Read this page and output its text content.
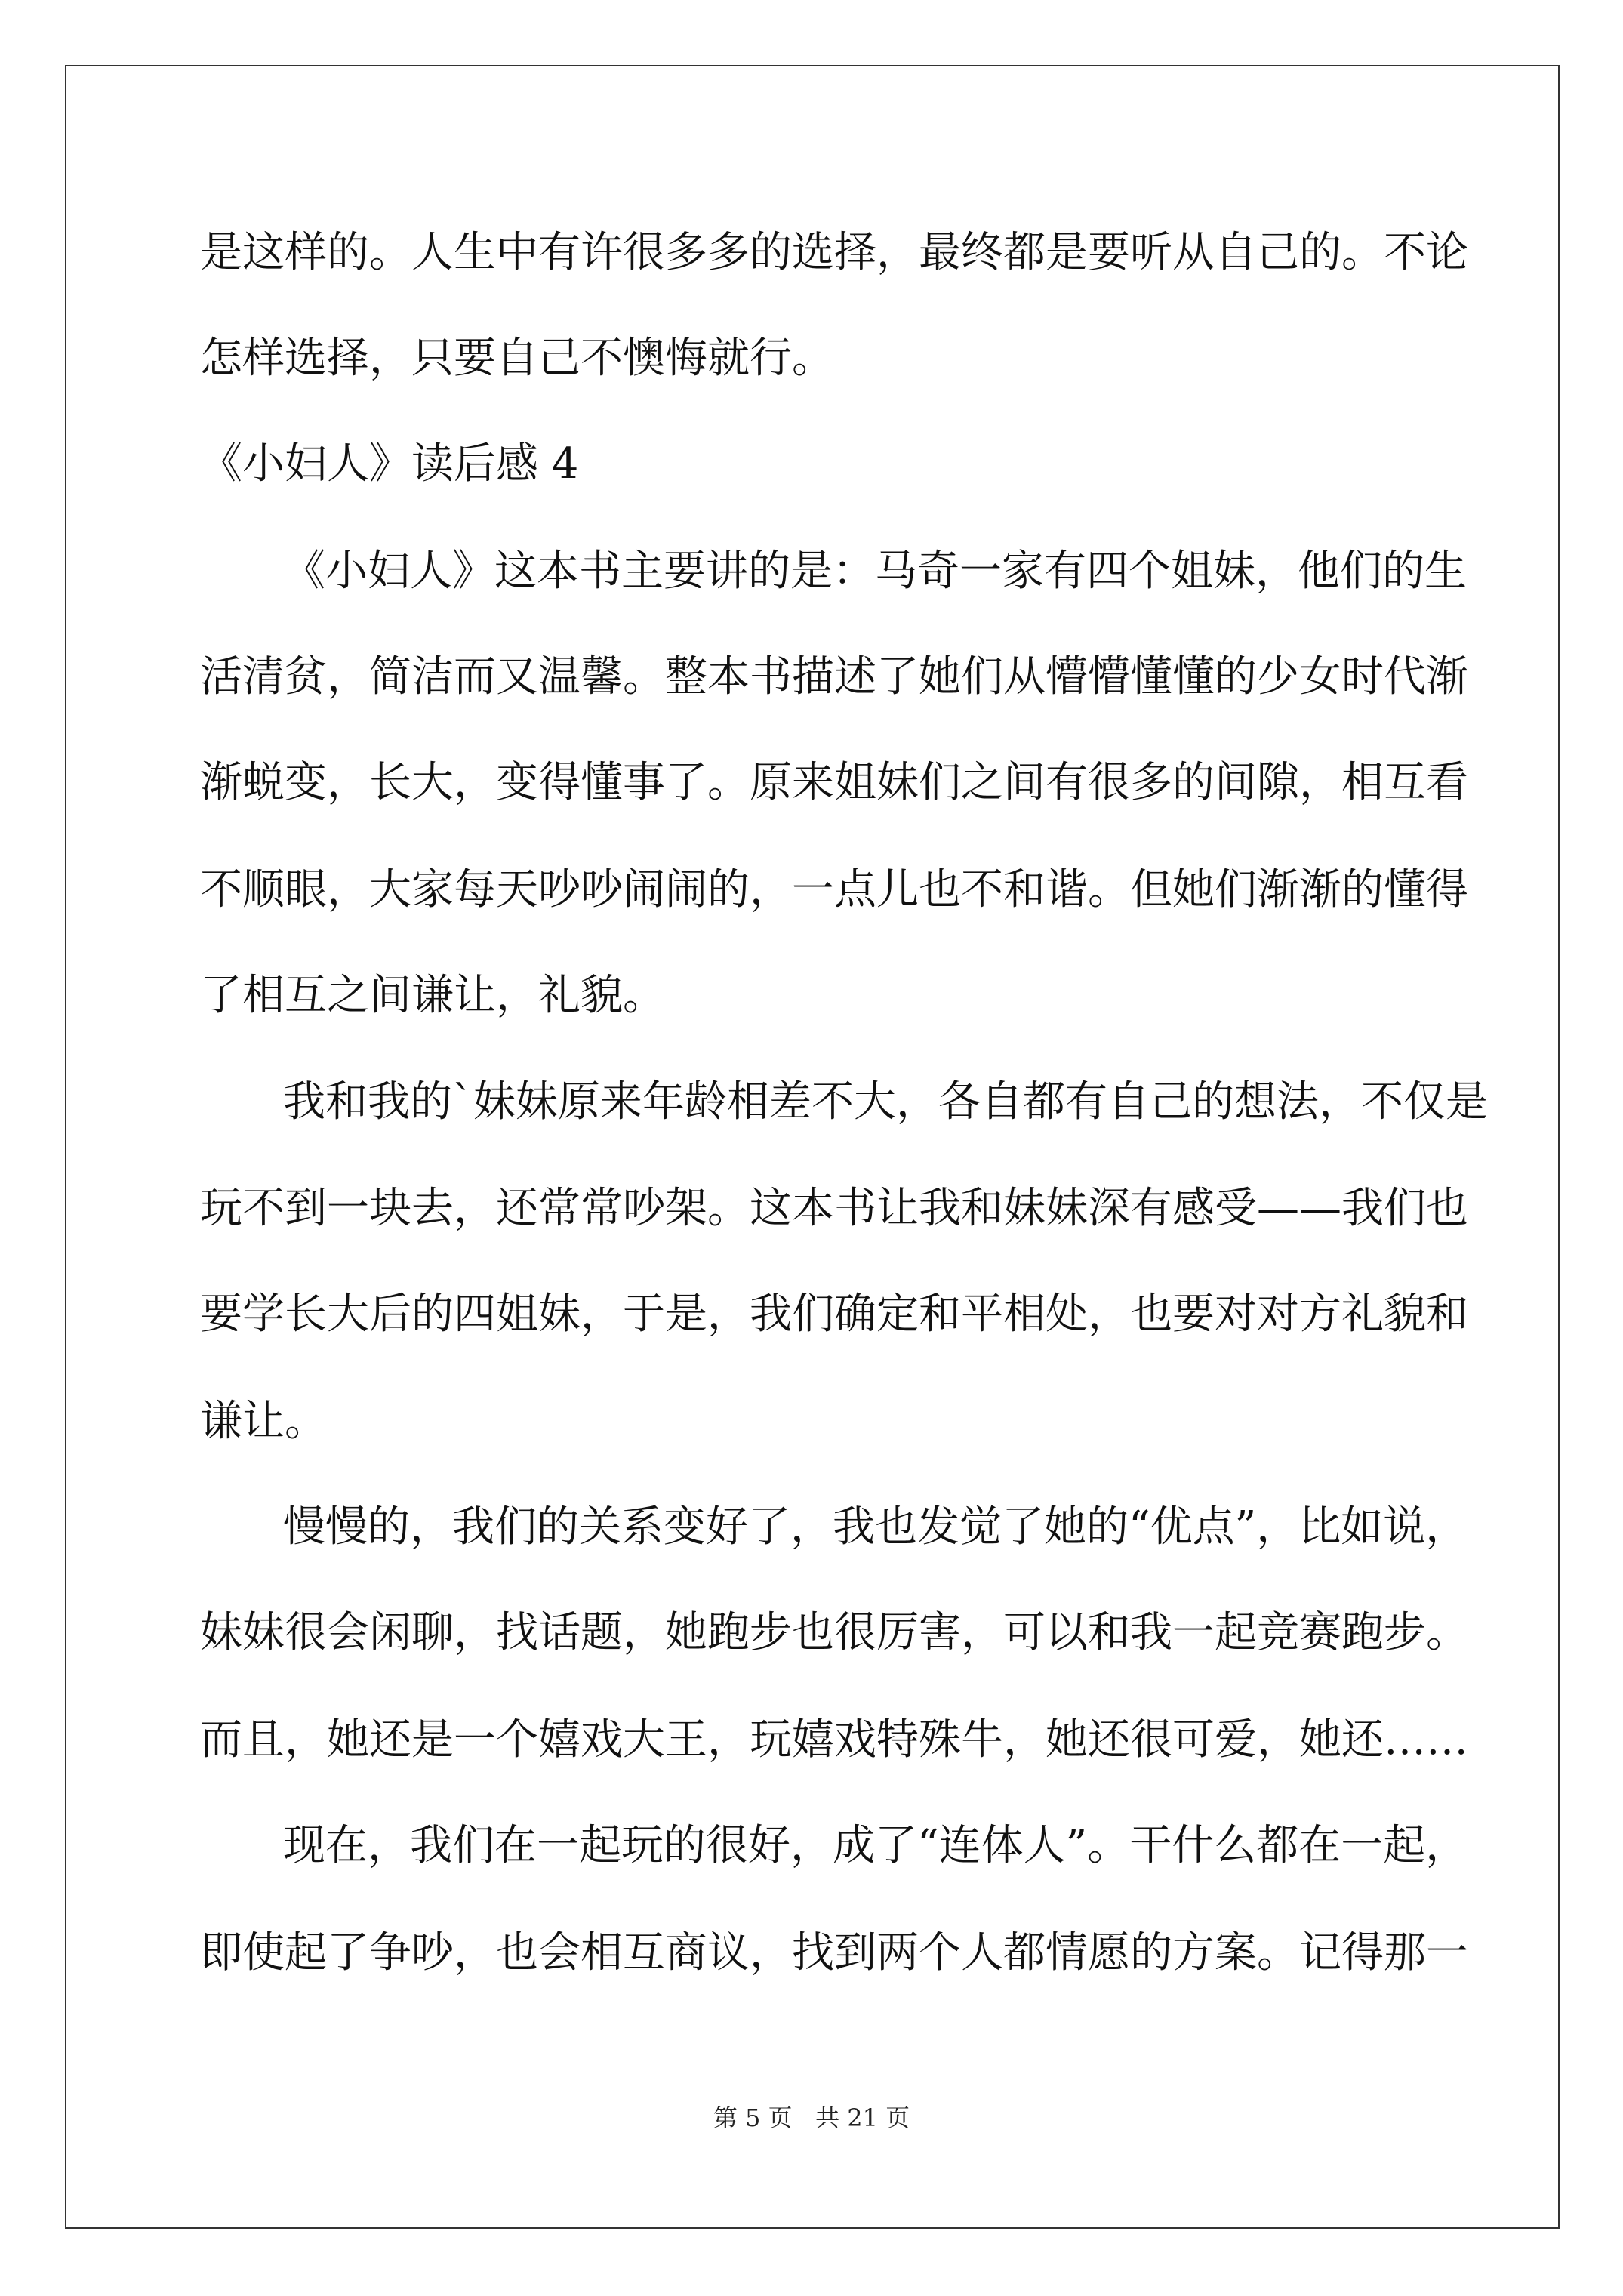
是这样的。人生中有许很多多的选择，最终都是要听从自己的。不论
怎样选择，只要自己不懊悔就行。
《小妇人》读后感 4
《小妇人》这本书主要讲的是：马奇一家有四个姐妹，他们的生
活清贫，简洁而又温馨。整本书描述了她们从懵懵懂懂的少女时代渐
渐蜕变，长大，变得懂事了。原来姐妹们之间有很多的间隙，相互看
不顺眼，大家每天吵吵闹闹的，一点儿也不和谐。但她们渐渐的懂得
了相互之间谦让，礼貌。
我和我的`妹妹原来年龄相差不大，各自都有自己的想法，不仅是
玩不到一块去，还常常吵架。这本书让我和妹妹深有感受——我们也
要学长大后的四姐妹，于是，我们确定和平相处，也要对对方礼貌和
谦让。
慢慢的，我们的关系变好了，我也发觉了她的“优点”，比如说，
妹妹很会闲聊，找话题，她跑步也很厉害，可以和我一起竞赛跑步。
而且，她还是一个嬉戏大王，玩嬉戏特殊牛，她还很可爱，她还……
现在，我们在一起玩的很好，成了“连体人”。干什么都在一起，
即使起了争吵，也会相互商议，找到两个人都情愿的方案。记得那一
第 5 页 共 21 页
